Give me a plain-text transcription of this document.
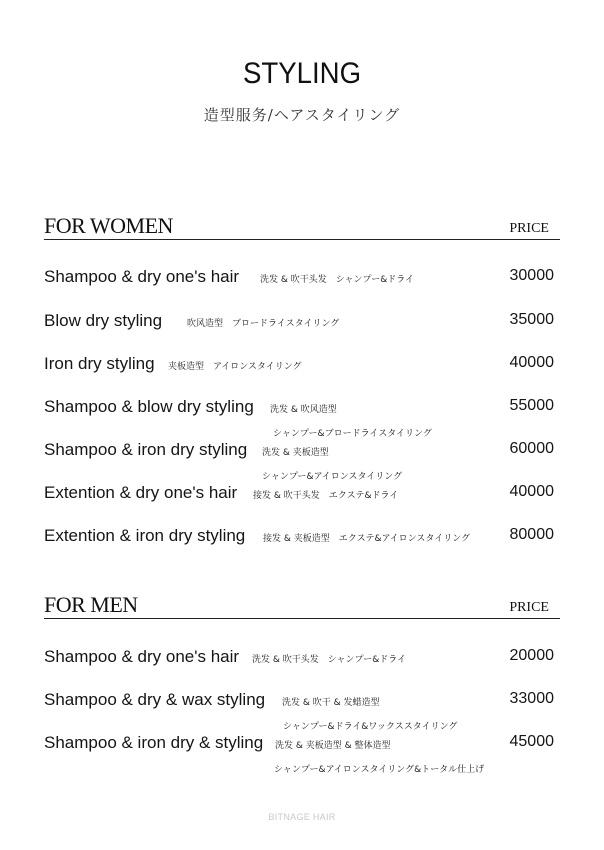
STYLING
造型服务/ヘアスタイリング
FOR WOMEN	PRICE
Shampoo & dry one's hair 洗发 & 吹干头发　シャンプー&ドライ	30000
Blow dry styling	吹风造型　ブロードライスタイリング	35000
Iron dry styling 夹板造型　アイロンスタイリング	40000
Shampoo & blow dry styling 洗发 & 吹风造型	55000
シャンプー&ブロードライスタイリング
Shampoo & iron dry styling 洗发 & 夹板造型	60000
シャンプー&アイロンスタイリング
Extention & dry one's hair 接发 & 吹干头发　エクステ&ドライ	40000
Extention & iron dry styling 接发 & 夹板造型　エクステ&アイロンスタイリング 80000
FOR MEN	PRICE
Shampoo & dry one's hair 洗发 & 吹干头发　シャンプー&ドライ	20000
Shampoo & dry & wax styling 洗发 & 吹干 & 发蜡造型	33000
シャンプー&ドライ&ワックススタイリング
Shampoo & iron dry & styling 洗发 & 夹板造型 & 整体造型	45000
シャンプー&アイロンスタイリング&トータル仕上げ
BITNAGE HAIR
